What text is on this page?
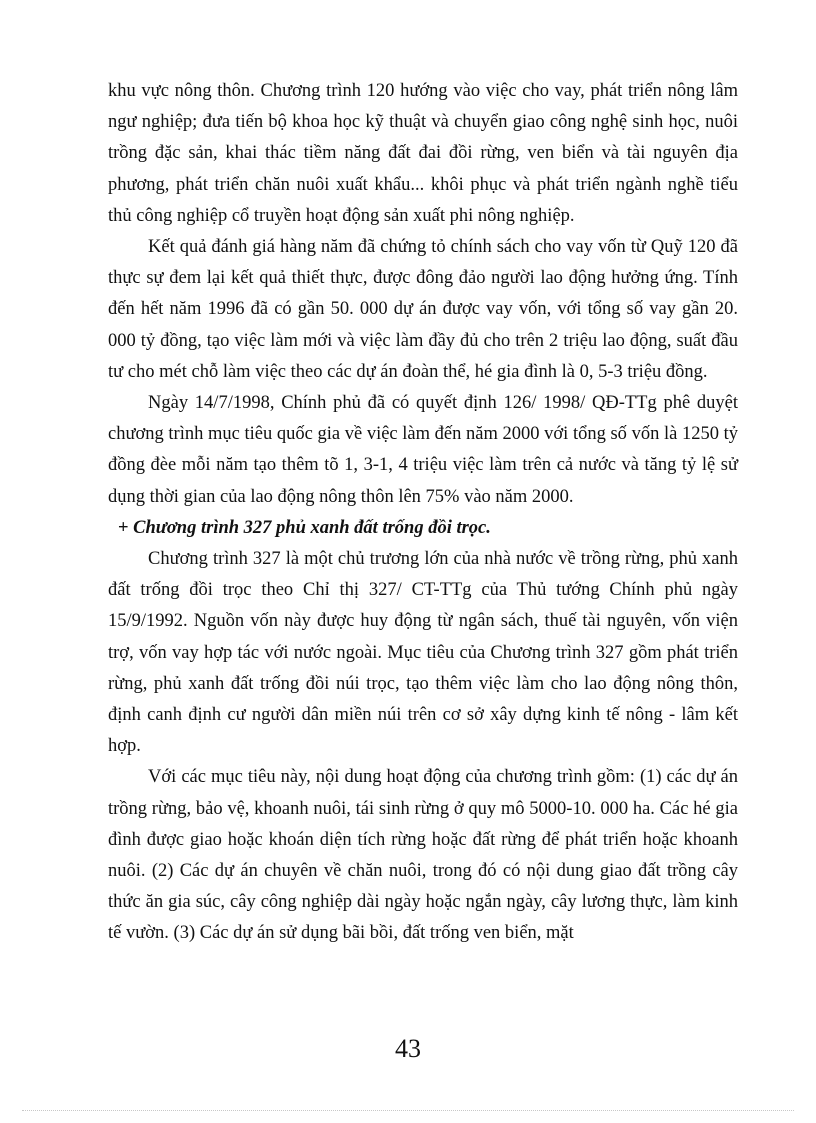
khu vực nông thôn. Chương trình 120 hướng vào việc cho vay, phát triển nông lâm ngư nghiệp; đưa tiến bộ khoa học kỹ thuật và chuyển giao công nghệ sinh học, nuôi trồng đặc sản, khai thác tiềm năng đất đai đồi rừng, ven biển và tài nguyên địa phương, phát triển chăn nuôi xuất khẩu... khôi phục và phát triển ngành nghề tiểu thủ công nghiệp cổ truyền hoạt động sản xuất phi nông nghiệp.

Kết quả đánh giá hàng năm đã chứng tỏ chính sách cho vay vốn từ Quỹ 120 đã thực sự đem lại kết quả thiết thực, được đông đảo người lao động hưởng ứng. Tính đến hết năm 1996 đã có gần 50. 000 dự án được vay vốn, với tổng số vay gần 20. 000 tỷ đồng, tạo việc làm mới và việc làm đầy đủ cho trên 2 triệu lao động, suất đầu tư cho mét chỗ làm việc theo các dự án đoàn thể, hé gia đình là 0, 5-3 triệu đồng.

Ngày 14/7/1998, Chính phủ đã có quyết định 126/ 1998/ QĐ-TTg phê duyệt chương trình mục tiêu quốc gia về việc làm đến năm 2000 với tổng số vốn là 1250 tỷ đồng đèe mỗi năm tạo thêm tõ 1, 3-1, 4 triệu việc làm trên cả nước và tăng tỷ lệ sử dụng thời gian của lao động nông thôn lên 75% vào năm 2000.

+ Chương trình 327 phủ xanh đất trống đồi trọc.

Chương trình 327 là một chủ trương lớn của nhà nước về trồng rừng, phủ xanh đất trống đồi trọc theo Chỉ thị 327/ CT-TTg của Thủ tướng Chính phủ ngày 15/9/1992. Nguồn vốn này được huy động từ ngân sách, thuế tài nguyên, vốn viện trợ, vốn vay hợp tác với nước ngoài. Mục tiêu của Chương trình 327 gồm phát triển rừng, phủ xanh đất trống đồi núi trọc, tạo thêm việc làm cho lao động nông thôn, định canh định cư người dân miền núi trên cơ sở xây dựng kinh tế nông - lâm kết hợp.

Với các mục tiêu này, nội dung hoạt động của chương trình gồm: (1) các dự án trồng rừng, bảo vệ, khoanh nuôi, tái sinh rừng ở quy mô 5000-10. 000 ha. Các hé gia đình được giao hoặc khoán diện tích rừng hoặc đất rừng để phát triển hoặc khoanh nuôi. (2) Các dự án chuyên về chăn nuôi, trong đó có nội dung giao đất trồng cây thức ăn gia súc, cây công nghiệp dài ngày hoặc ngắn ngày, cây lương thực, làm kinh tế vườn. (3) Các dự án sử dụng bãi bồi, đất trống ven biển, mặt

43
